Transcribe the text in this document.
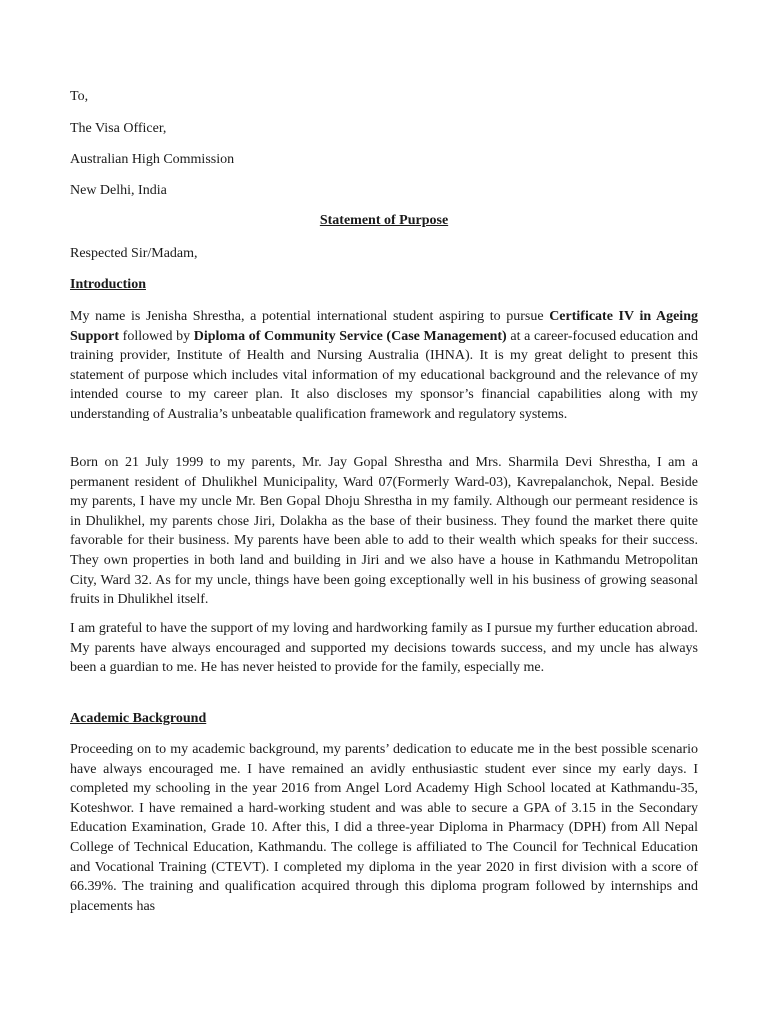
To,
The Visa Officer,
Australian High Commission
New Delhi, India
Statement of Purpose
Respected Sir/Madam,
Introduction
My name is Jenisha Shrestha, a potential international student aspiring to pursue Certificate IV in Ageing Support followed by Diploma of Community Service (Case Management) at a career-focused education and training provider, Institute of Health and Nursing Australia (IHNA). It is my great delight to present this statement of purpose which includes vital information of my educational background and the relevance of my intended course to my career plan. It also discloses my sponsor’s financial capabilities along with my understanding of Australia’s unbeatable qualification framework and regulatory systems.
Born on 21 July 1999 to my parents, Mr. Jay Gopal Shrestha and Mrs. Sharmila Devi Shrestha, I am a permanent resident of Dhulikhel Municipality, Ward 07(Formerly Ward-03), Kavrepalanchok, Nepal. Beside my parents, I have my uncle Mr. Ben Gopal Dhoju Shrestha in my family. Although our permeant residence is in Dhulikhel, my parents chose Jiri, Dolakha as the base of their business. They found the market there quite favorable for their business. My parents have been able to add to their wealth which speaks for their success. They own properties in both land and building in Jiri and we also have a house in Kathmandu Metropolitan City, Ward 32. As for my uncle, things have been going exceptionally well in his business of growing seasonal fruits in Dhulikhel itself.
I am grateful to have the support of my loving and hardworking family as I pursue my further education abroad. My parents have always encouraged and supported my decisions towards success, and my uncle has always been a guardian to me. He has never heisted to provide for the family, especially me.
Academic Background
Proceeding on to my academic background, my parents’ dedication to educate me in the best possible scenario have always encouraged me. I have remained an avidly enthusiastic student ever since my early days. I completed my schooling in the year 2016 from Angel Lord Academy High School located at Kathmandu-35, Koteshwor. I have remained a hard-working student and was able to secure a GPA of 3.15 in the Secondary Education Examination, Grade 10. After this, I did a three-year Diploma in Pharmacy (DPH) from All Nepal College of Technical Education, Kathmandu. The college is affiliated to The Council for Technical Education and Vocational Training (CTEVT). I completed my diploma in the year 2020 in first division with a score of 66.39%. The training and qualification acquired through this diploma program followed by internships and placements has
